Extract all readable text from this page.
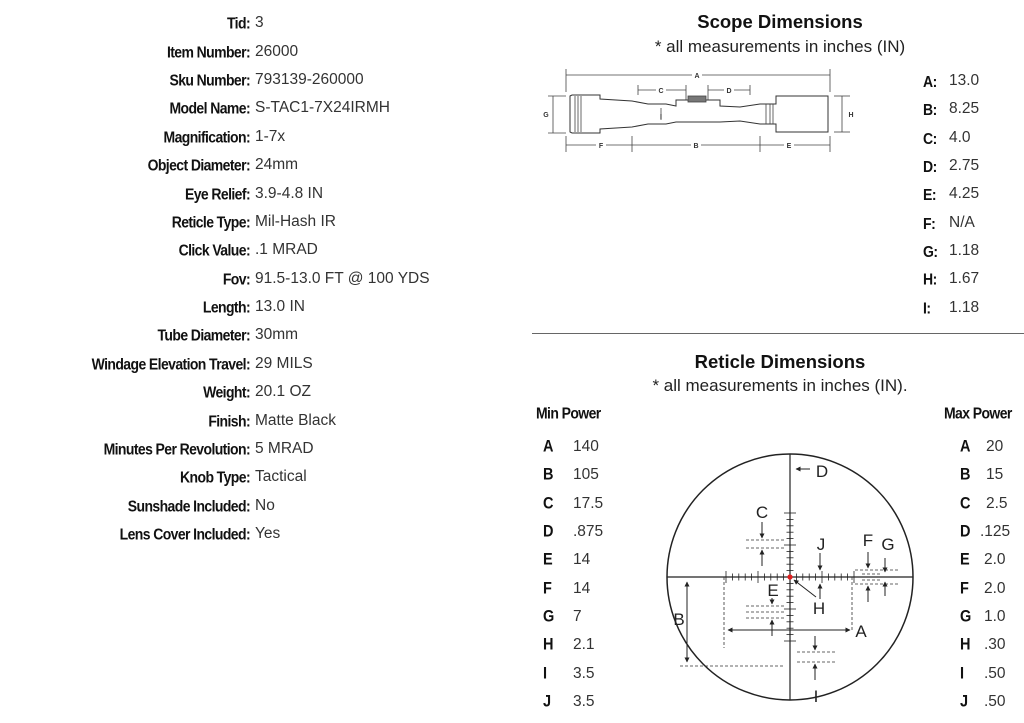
Tid : 3
Item Number : 26000
Sku Number : 793139-260000
Model Name : S-TAC1-7X24IRMH
Magnification : 1-7x
Object Diameter : 24mm
Eye Relief : 3.9-4.8 IN
Reticle Type : Mil-Hash IR
Click Value : .1 MRAD
Fov : 91.5-13.0 FT @ 100 YDS
Length : 13.0 IN
Tube Diameter : 30mm
Windage Elevation Travel : 29 MILS
Weight : 20.1 OZ
Finish : Matte Black
Minutes Per Revolution : 5 MRAD
Knob Type : Tactical
Sunshade Included : No
Lens Cover Included : Yes
Scope Dimensions
* all measurements in inches (IN)
A
C	D
G	H
I
F	B	E
A :	13.0
B :	8.25
C :	4.0
D :	2.75
E :	4.25
F :	N/A
G :	1.18
H :	1.67
I :	1.18
Reticle Dimensions
* all measurements in inches (IN).
Min Power	Max Power
A	140
B	105
C	17.5
D	.875
E	14
F	14
G	7
H	2.1
I	3.5
J	3.5
A	20
B	15
C	2.5
D .125
E 2.0
F 2.0
G 1.0
H .30
I	.50
J	.50
D
C
J F G
E
H
B
A
I
